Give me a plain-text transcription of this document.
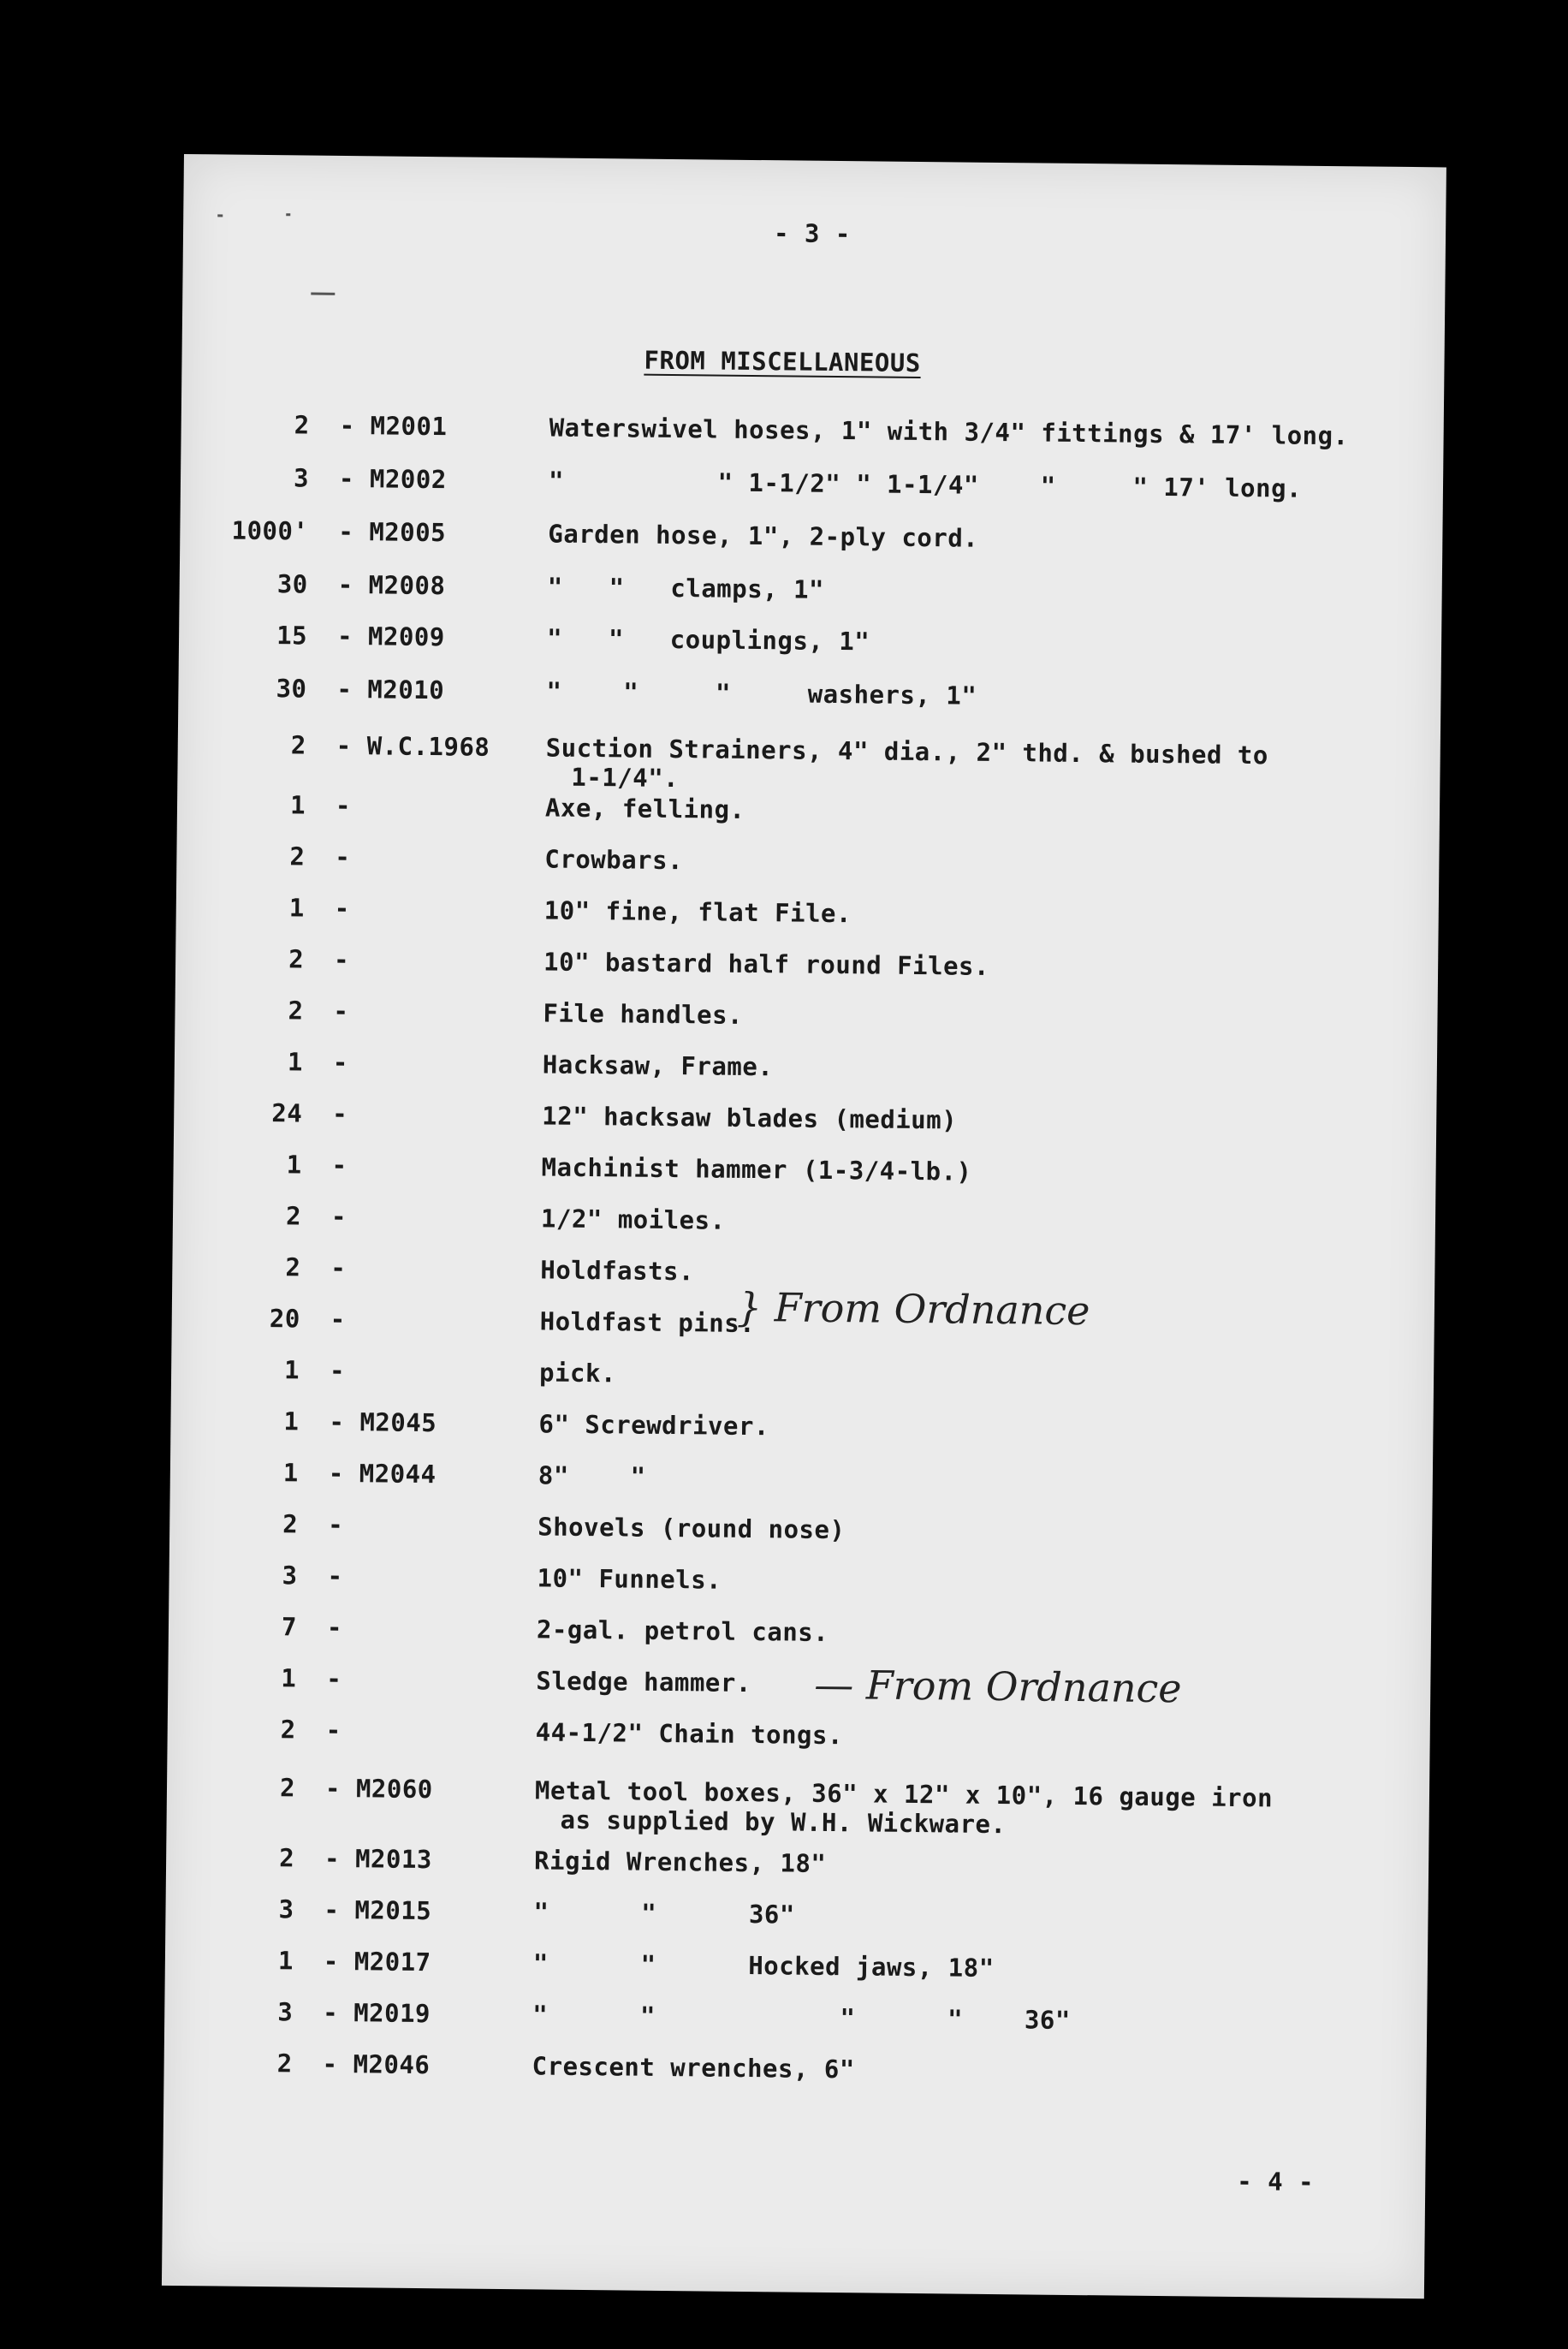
- 3 -
FROM MISCELLANEOUS
2 - M2001	Waterswivel hoses, 1" with 3/4" fittings & 17' long.
3 - M2002	"          " 1-1/2" " 1-1/4"    "     " 17' long.
1000' - M2005	Garden hose, 1", 2-ply cord.
30 - M2008	"   "   clamps, 1"
15 - M2009	"   "   couplings, 1"
30 - M2010	"    "     "     washers, 1"
2 - W.C.1968 Suction Strainers, 4" dia., 2" thd. & bushed to
1-1/4".
1 -	Axe, felling.
2 -	Crowbars.
1 -	10" fine, flat File.
2 -	10" bastard half round Files.
2 -	File handles.
1 -	Hacksaw, Frame.
24 -	12" hacksaw blades (medium)
1 -	Machinist hammer (1-3/4-lb.)
2 -	1/2" moiles.
2 -	Holdfasts.
20 -	Holdfast pins.
1 -	pick.
1 - M2045	6" Screwdriver.
1 - M2044	8"    "
2 -	Shovels (round nose)
3 -	10" Funnels.
7 -	2-gal. petrol cans.
1 -	Sledge hammer.
2 -	44-1/2" Chain tongs.
2 - M2060	Metal tool boxes, 36" x 12" x 10", 16 gauge iron
as supplied by W.H. Wickware.
2 - M2013	Rigid Wrenches, 18"
3 - M2015	"      "      36"
1 - M2017	"      "      Hocked jaws, 18"
3 - M2019	"      "            "      "    36"
2 - M2046	Crescent wrenches, 6"
} From Ordnance
— From Ordnance
- 4 -
